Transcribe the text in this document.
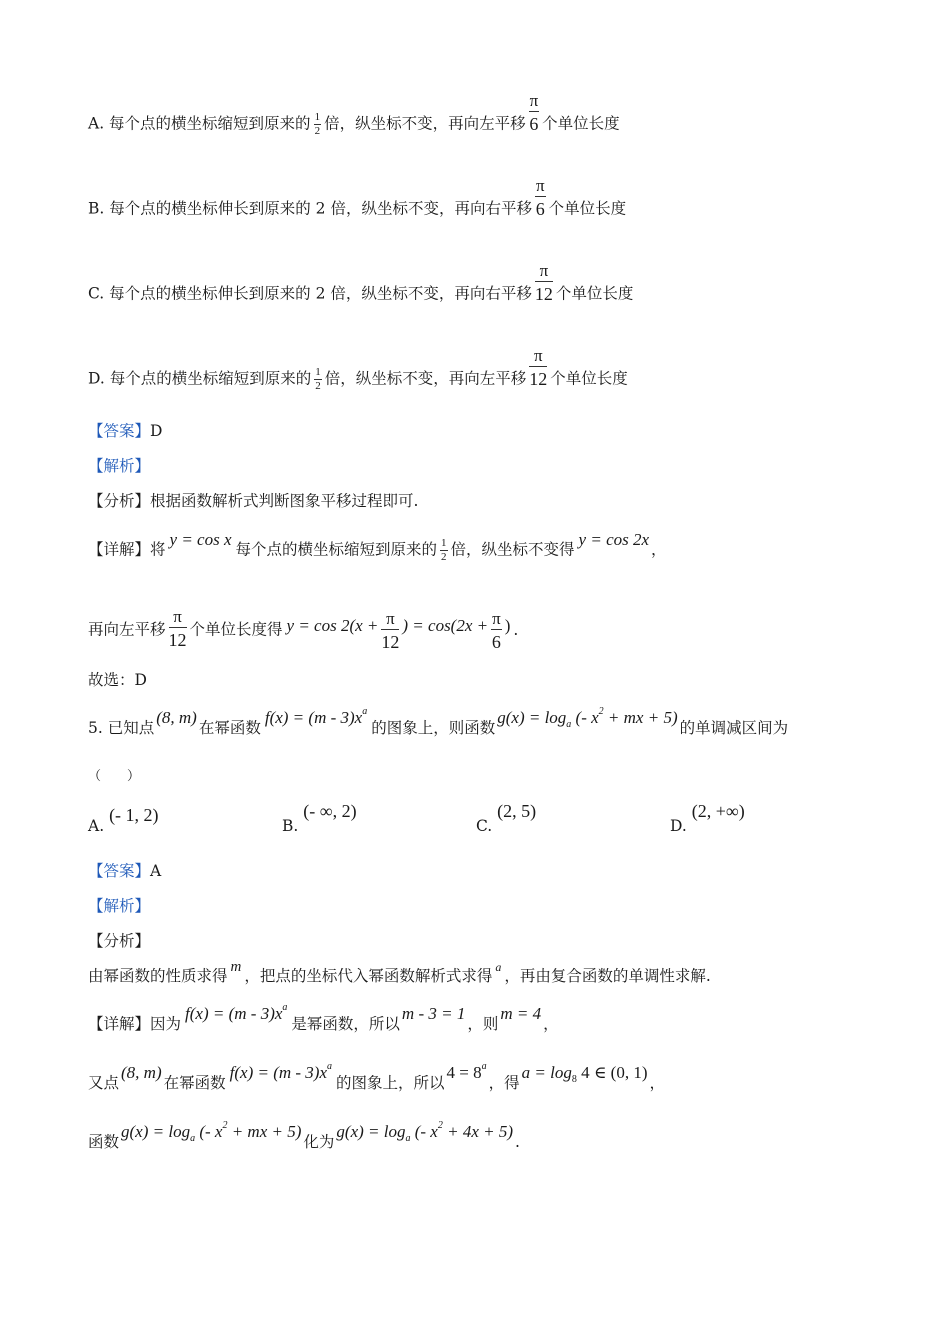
A. 每个点的横坐标缩短到原来的 $\frac{1}{2}$ 倍，纵坐标不变，再向左平移 $\frac{\pi}{6}$ 个单位长度
B. 每个点的横坐标伸长到原来的 2 倍，纵坐标不变，再向右平移 $\frac{\pi}{6}$ 个单位长度
C. 每个点的横坐标伸长到原来的 2 倍，纵坐标不变，再向右平移 $\frac{\pi}{12}$ 个单位长度
D. 每个点的横坐标缩短到原来的 $\frac{1}{2}$ 倍，纵坐标不变，再向左平移 $\frac{\pi}{12}$ 个单位长度
【答案】D
【解析】
【分析】根据函数解析式判断图象平移过程即可.
【详解】将y = cos x每个点的横坐标缩短到原来的 $\frac{1}{2}$ 倍，纵坐标不变得y = cos 2x，
再向左平移 $\frac{\pi}{12}$ 个单位长度得 $y = \cos 2(x + \frac{\pi}{12}$ ) = $\cos(2x + \frac{\pi}{6}$ ) .
故选：D
5. 已知点(8, m)在幂函数$f(x) = (m - 3)x^a$的图象上，则函数$g(x) = \log_a$ (- $x^2$ + mx + 5)的单调减区间为
（　　）
A. (- 1, 2)
B. (- ∞, 2)
C. (2, 5)
D. (2, +∞)
【答案】A
【解析】
【分析】
由幂函数的性质求得 m ，把点的坐标代入幂函数解析式求得 $^a$ ，再由复合函数的单调性求解.
【详解】因为$f(x) = (m - 3)x^a$是幂函数，所以m - 3 = 1，则m = 4，
又点(8, m)在幂函数$f(x) = (m - 3)x^a$的图象上，所以$4 = 8^a$，得$a = \log_8 4$ ∈ (0, 1)，
函数$g(x) = \log_a$ (- $x^2$ + mx + 5)化为$g(x) = \log_a$ (- $x^2 + 4x + 5$).
